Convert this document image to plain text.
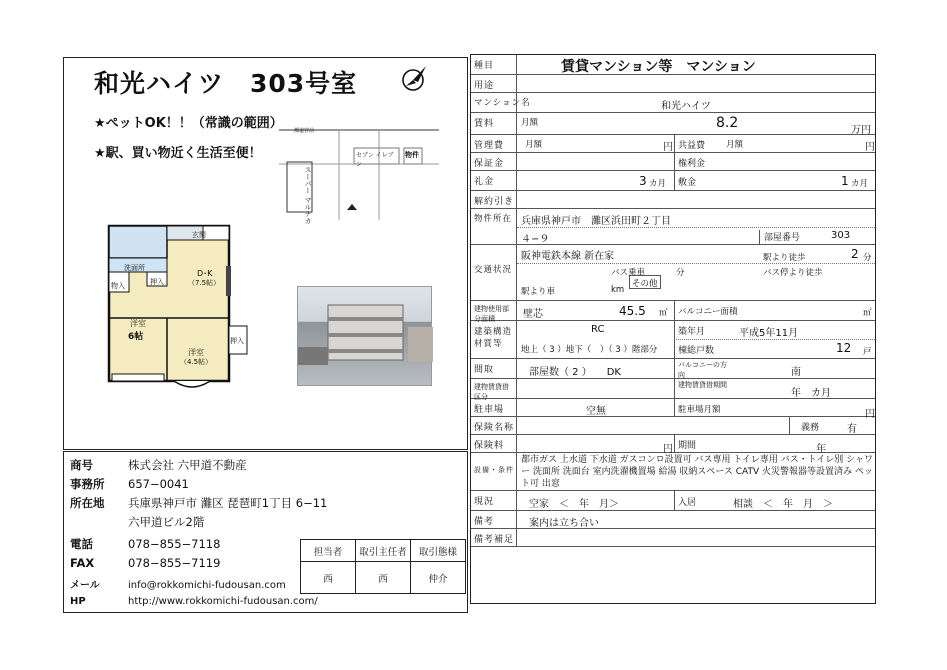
和光ハイツ　303号室
★ペットOK！！（常識の範囲）
★駅、買い物近く生活至便！
都道宮前
スーパー マルナカ
セブン イレブン
物件
玄関
洗面所
D･K
（7.5帖）
物入	押入
洋室
6帖
洋室
（4.5帖）
押入
商号	株式会社 六甲道不動産
事務所 657−0041
所在地 兵庫県神戸市 灘区 琵琶町1丁目 6−11
六甲道ビル2階
電話	078−855−7118
FAX	078−855−7119
メール	info@rokkomichi-fudousan.com
HP	http://www.rokkomichi-fudousan.com/
担当者	取引主任者	取引態様
西	西	仲介
種目	賃貸マンション等　マンション
用途
マンション名	和光ハイツ
賃料	月額	8.2	万円
管理費	月額	円 共益費 月額	円
保証金	権利金
礼金	3 カ月 敷金	1 カ月
解約引き
物件所在 兵庫県神戸市　灘区浜田町２丁目
４−９	部屋番号	303
交通状況
阪神電鉄本線 新在家	駅より徒歩	2 分
バス乗車	分	バス停より徒歩
その他
駅より車	km
建物使用部分面積	壁芯	45.5 ㎡ バルコニー面積	㎡
建築構造材質等
RC
地上（ 3 ）地下（　）（ 3 ）階部分
築年月	平成5年11月
棟総戸数	12 戸
間取	部屋数（ 2 ）　　DK
バルコニーの方向	南
建物賃貸借区分
建物賃貸借期間
年　カ月
駐車場	空無	駐車場月額	円
保険名称	義務	有
保険料	円 期間	年
設備・条件
都市ガス 上水道 下水道 ガスコンロ設置可 バス専用 トイレ専用 バス・トイレ別 シャワー 洗面所 洗面台 室内洗濯機置場 給湯 収納スペース CATV 火災警報器等設置済み ペット可 出窓
現況	空家　＜　年　月＞	入居	相談　＜　年　月　＞
備考	案内は立ち合い
備考補足
